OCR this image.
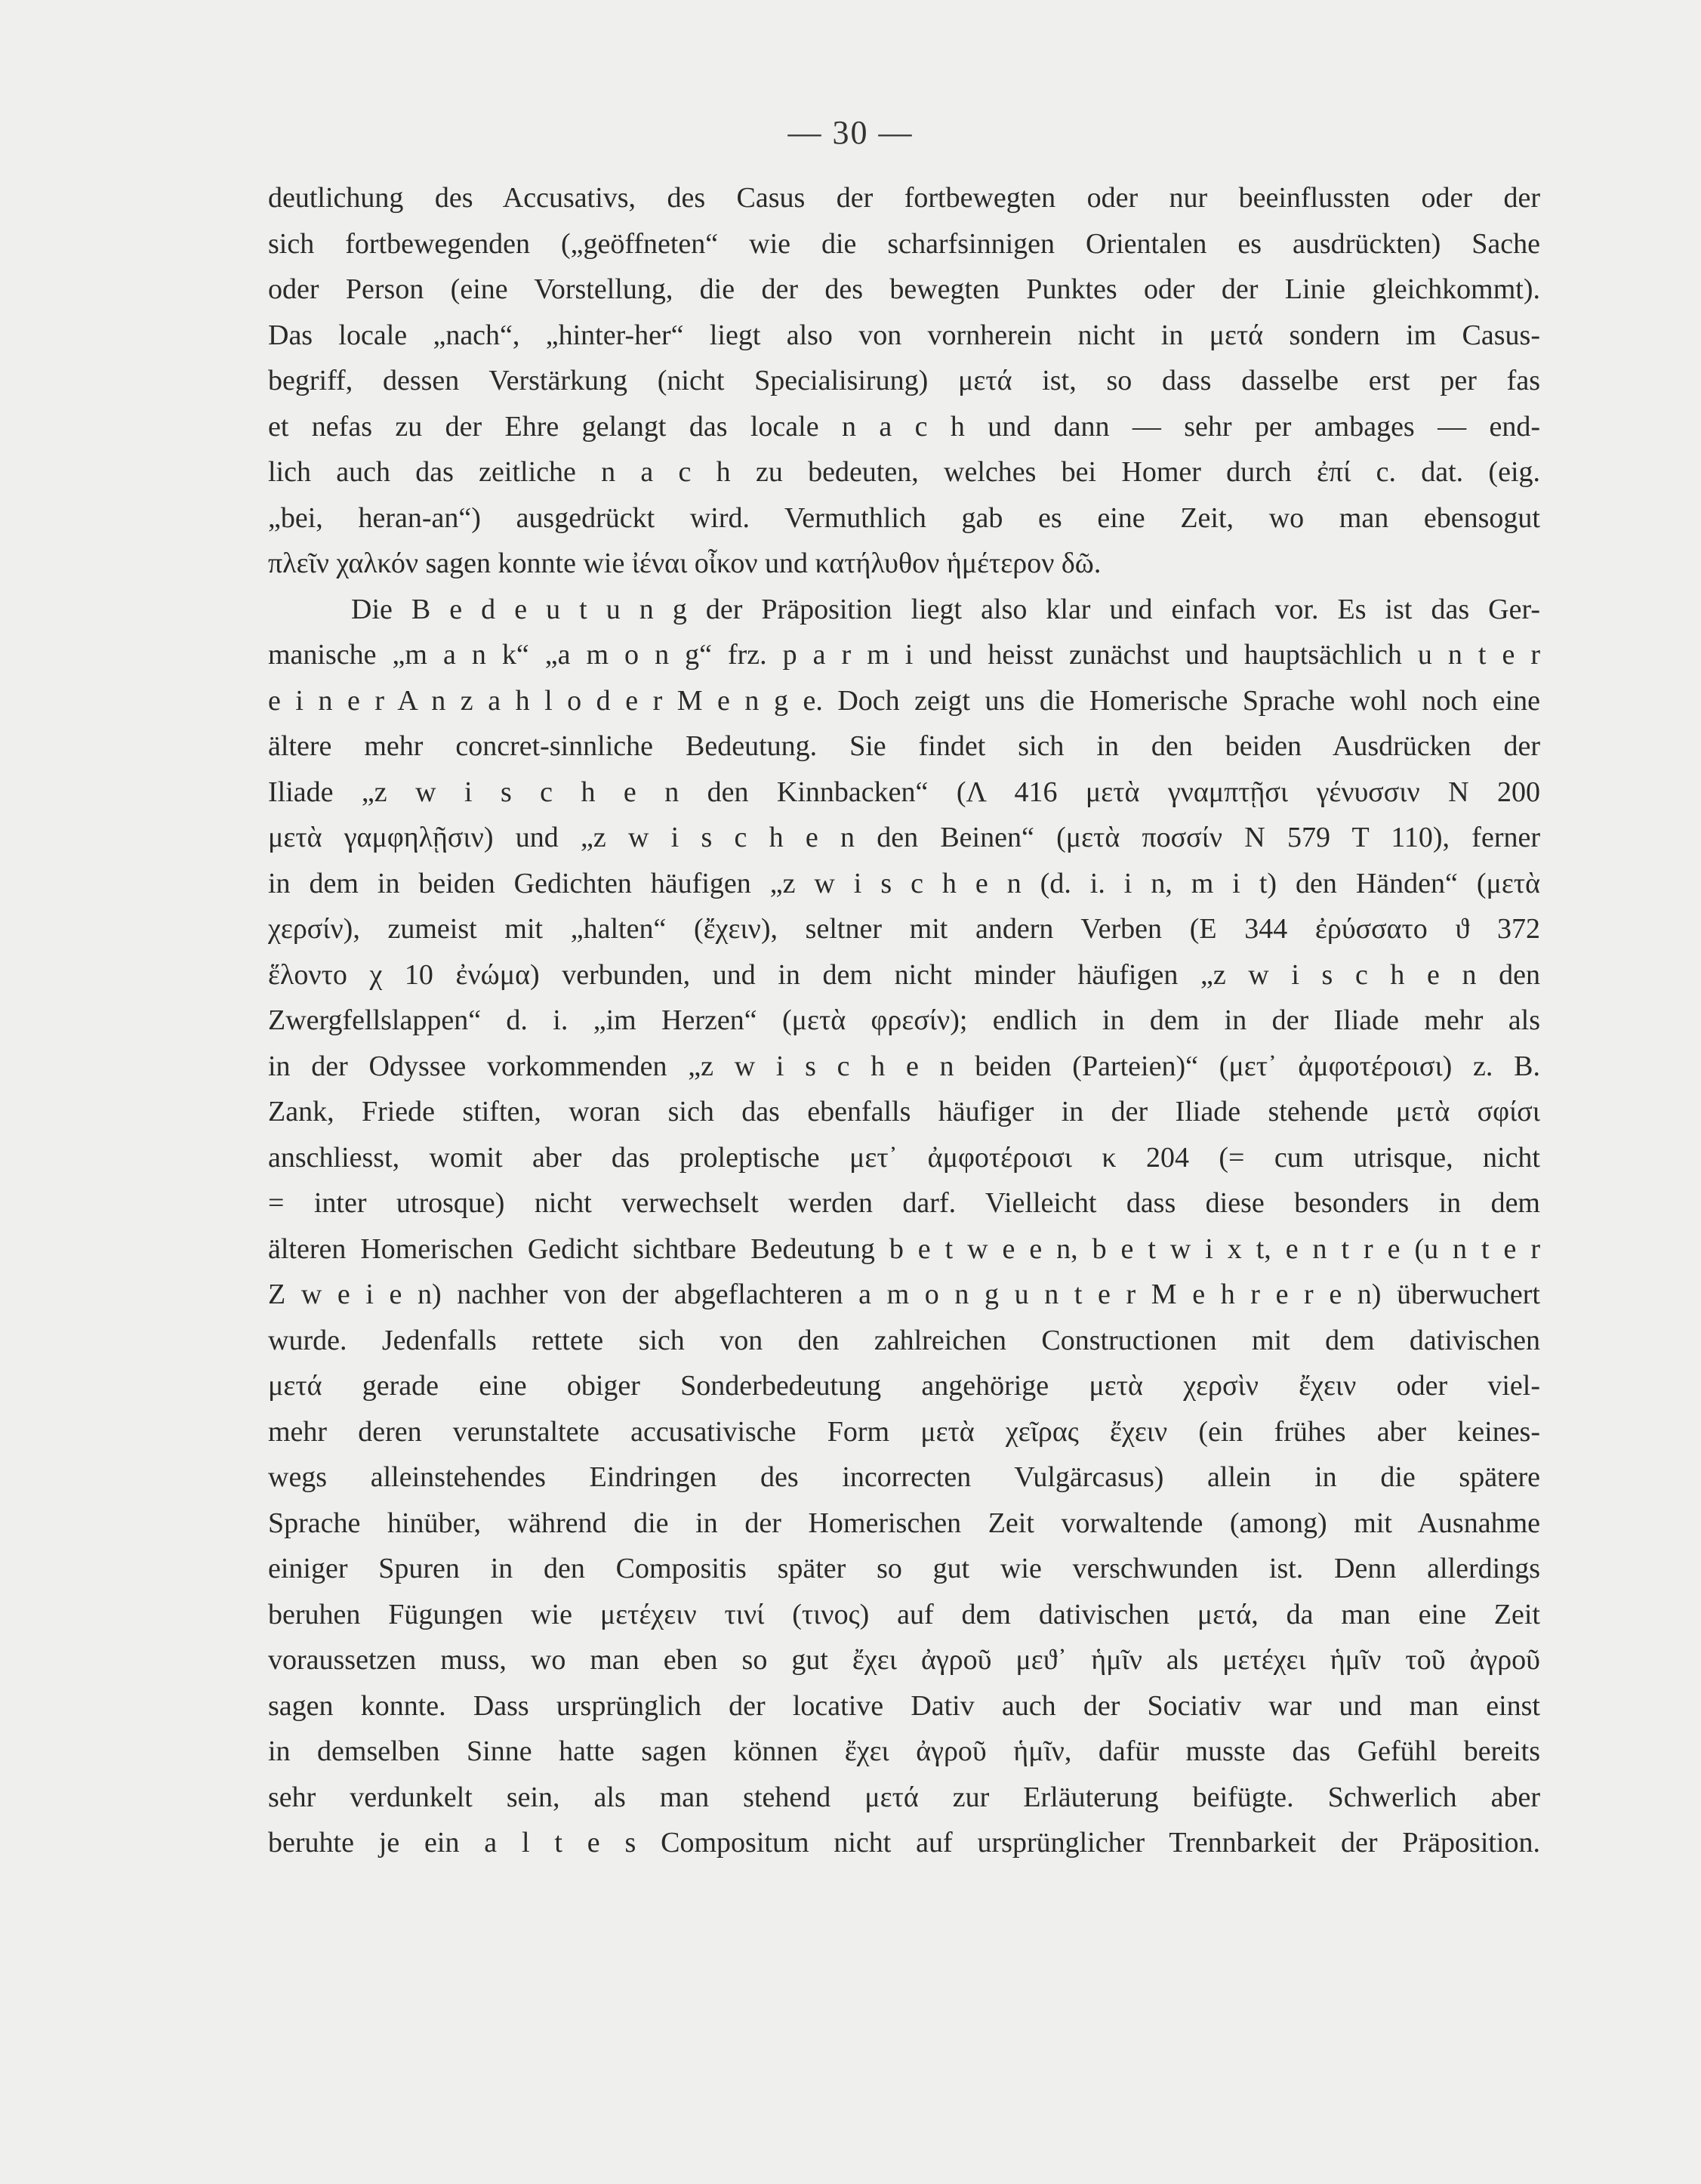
— 30 —
deutlichung des Accusativs, des Casus der fortbewegten oder nur beeinflussten oder der
sich fortbewegenden („geöffneten“ wie die scharfsinnigen Orientalen es ausdrückten) Sache
oder Person (eine Vorstellung, die der des bewegten Punktes oder der Linie gleichkommt).
Das locale „nach“, „hinter-her“ liegt also von vornherein nicht in μετά sondern im Casus-
begriff, dessen Verstärkung (nicht Specialisirung) μετά ist, so dass dasselbe erst per fas
et nefas zu der Ehre gelangt das locale n a c h und dann — sehr per ambages — end-
lich auch das zeitliche n a c h zu bedeuten, welches bei Homer durch ἐπί c. dat. (eig.
„bei, heran-an“) ausgedrückt wird. Vermuthlich gab es eine Zeit, wo man ebensogut
πλεῖν χαλκόν sagen konnte wie ἰέναι οἶκον und κατήλυθον ἡμέτερον δῶ.
Die B e d e u t u n g der Präposition liegt also klar und einfach vor. Es ist das Ger-
manische „m a n k“ „a m o n g“ frz. p a r m i und heisst zunächst und hauptsächlich u n t e r
e i n e r A n z a h l o d e r M e n g e. Doch zeigt uns die Homerische Sprache wohl noch eine
ältere mehr concret-sinnliche Bedeutung. Sie findet sich in den beiden Ausdrücken der
Iliade „z w i s c h e n den Kinnbacken“ (Λ 416 μετὰ γναμπτῇσι γένυσσιν N 200
μετὰ γαμφηλῇσιν) und „z w i s c h e n den Beinen“ (μετὰ ποσσίν N 579 T 110), ferner
in dem in beiden Gedichten häufigen „z w i s c h e n (d. i. i n, m i t) den Händen“ (μετὰ
χερσίν), zumeist mit „halten“ (ἔχειν), seltner mit andern Verben (E 344 ἐρύσσατο ϑ 372
ἕλοντο χ 10 ἐνώμα) verbunden, und in dem nicht minder häufigen „z w i s c h e n den
Zwergfellslappen“ d. i. „im Herzen“ (μετὰ φρεσίν); endlich in dem in der Iliade mehr als
in der Odyssee vorkommenden „z w i s c h e n beiden (Parteien)“ (μετ᾽ ἀμφοτέροισι) z. B.
Zank, Friede stiften, woran sich das ebenfalls häufiger in der Iliade stehende μετὰ σφίσι
anschliesst, womit aber das proleptische μετ᾽ ἀμφοτέροισι κ 204 (= cum utrisque, nicht
= inter utrosque) nicht verwechselt werden darf. Vielleicht dass diese besonders in dem
älteren Homerischen Gedicht sichtbare Bedeutung b e t w e e n, b e t w i x t, e n t r e (u n t e r
Z w e i e n) nachher von der abgeflachteren a m o n g u n t e r M e h r e r e n) überwuchert
wurde. Jedenfalls rettete sich von den zahlreichen Constructionen mit dem dativischen
μετά gerade eine obiger Sonderbedeutung angehörige μετὰ χερσὶν ἔχειν oder viel-
mehr deren verunstaltete accusativische Form μετὰ χεῖρας ἔχειν (ein frühes aber keines-
wegs alleinstehendes Eindringen des incorrecten Vulgärcasus) allein in die spätere
Sprache hinüber, während die in der Homerischen Zeit vorwaltende (among) mit Ausnahme
einiger Spuren in den Compositis später so gut wie verschwunden ist. Denn allerdings
beruhen Fügungen wie μετέχειν τινί (τινος) auf dem dativischen μετά, da man eine Zeit
voraussetzen muss, wo man eben so gut ἔχει ἀγροῦ μεϑ᾽ ἡμῖν als μετέχει ἡμῖν τοῦ ἀγροῦ
sagen konnte. Dass ursprünglich der locative Dativ auch der Sociativ war und man einst
in demselben Sinne hatte sagen können ἔχει ἀγροῦ ἡμῖν, dafür musste das Gefühl bereits
sehr verdunkelt sein, als man stehend μετά zur Erläuterung beifügte. Schwerlich aber
beruhte je ein a l t e s Compositum nicht auf ursprünglicher Trennbarkeit der Präposition.
